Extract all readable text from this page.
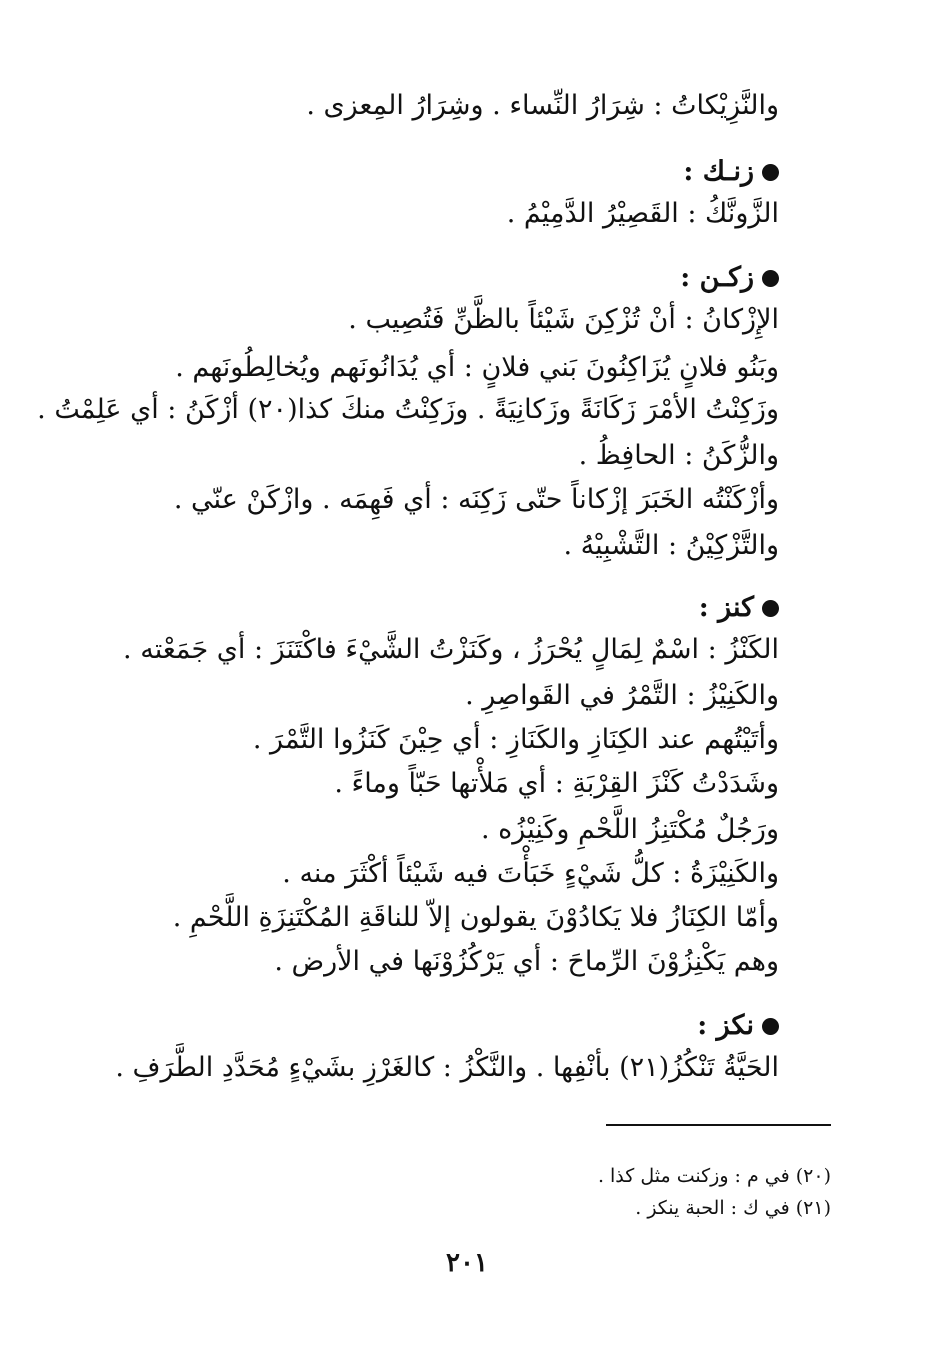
والنَّزِيْكاتُ : شِرَارُ النِّساء . وشِرَارُ المِعزى .
زنـك :
الزَّونَّكُ : القَصِيْرُ الدَّمِيْمُ .
زكـن :
الإِزْكانُ : أنْ تُزْكِنَ شَيْئاً بالظَّنِّ فَتُصِيب .
وبَنُو فلانٍ يُزَاكِنُونَ بَني فلانٍ : أي يُدَانُونَهم ويُخالِطُونَهم .
وزَكِنْتُ الأمْرَ زَكَانَةً وزَكانِيَةً . وزَكِنْتُ منكَ كذا(٢٠) أزْكَنُ : أي عَلِمْتُ .
والزُّكَنُ : الحافِظُ .
وأزْكَنْتُه الخَبَرَ إزْكاناً حتّى زَكِنَه : أي فَهِمَه . وازْكَنْ عنّي .
والتَّزْكِيْنُ : التَّشْبِيْهُ .
كنز :
الكَنْزُ : اسْمٌ لِمَالٍ يُحْرَزُ ، وكَنَزْتُ الشَّيْءَ فاكْتَنَزَ : أي جَمَعْته .
والكَنِيْزُ : التَّمْرُ في القَواصِرِ .
وأتَيْتُهم عند الكِنَازِ والكَنَازِ : أي حِيْنَ كَنَزُوا التَّمْرَ .
وشَدَدْتُ كَنْزَ القِرْبَةِ : أي مَلأْتها حَبّاً وماءً .
ورَجُلٌ مُكْتَنِزُ اللَّحْمِ وكَنِيْزُه .
والكَنِيْزَةُ : كلُّ شَيْءٍ خَبَأْتَ فيه شَيْئاً أكْثَرَ منه .
وأمّا الكِنَازُ فلا يَكادُوْنَ يقولون إلاّ للناقَةِ المُكْتَنِزَةِ اللَّحْمِ .
وهم يَكْنِزُوْنَ الرِّماحَ : أي يَرْكُزُوْنَها في الأرض .
نكز :
الحَيَّةُ تَنْكُزُ(٢١) بأنْفِها . والنَّكْزُ : كالغَرْزِ بشَيْءٍ مُحَدَّدِ الطَّرَفِ .
(٢٠) في م : وزكنت مثل كذا .
(٢١) في ك : الحبة ينكز .
٢٠١
